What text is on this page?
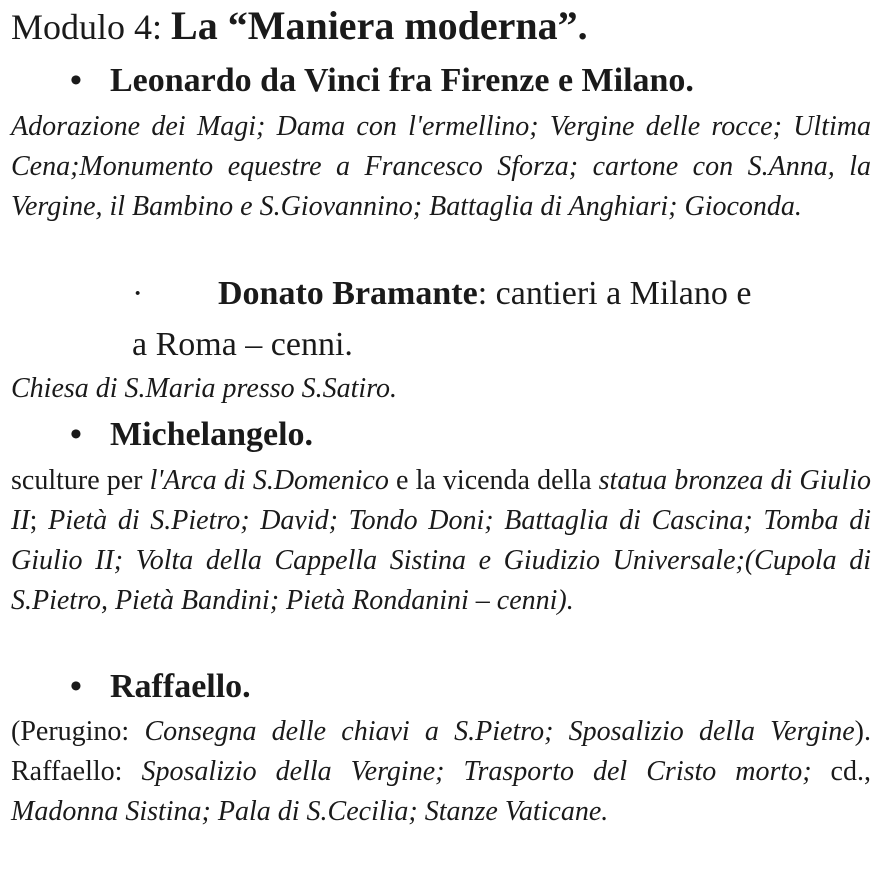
Modulo 4: La “Maniera moderna”.
• Leonardo da Vinci fra Firenze e Milano.
Adorazione dei Magi; Dama con l'ermellino; Vergine delle rocce; Ultima Cena;Monumento equestre a Francesco Sforza; cartone con S.Anna, la Vergine, il Bambino e S.Giovannino; Battaglia di Anghiari; Gioconda.
· Donato Bramante: cantieri a Milano e
a Roma – cenni.
Chiesa di S.Maria presso S.Satiro.
• Michelangelo.
sculture per l'Arca di S.Domenico e la vicenda della statua bronzea di Giulio II; Pietà di S.Pietro; David; Tondo Doni; Battaglia di Cascina; Tomba di Giulio II; Volta della Cappella Sistina e Giudizio Universale;(Cupola di S.Pietro, Pietà Bandini; Pietà Rondanini – cenni).
• Raffaello.
(Perugino: Consegna delle chiavi a S.Pietro; Sposalizio della Vergine). Raffaello: Sposalizio della Vergine; Trasporto del Cristo morto; cd., Madonna Sistina; Pala di S.Cecilia; Stanze Vaticane.
